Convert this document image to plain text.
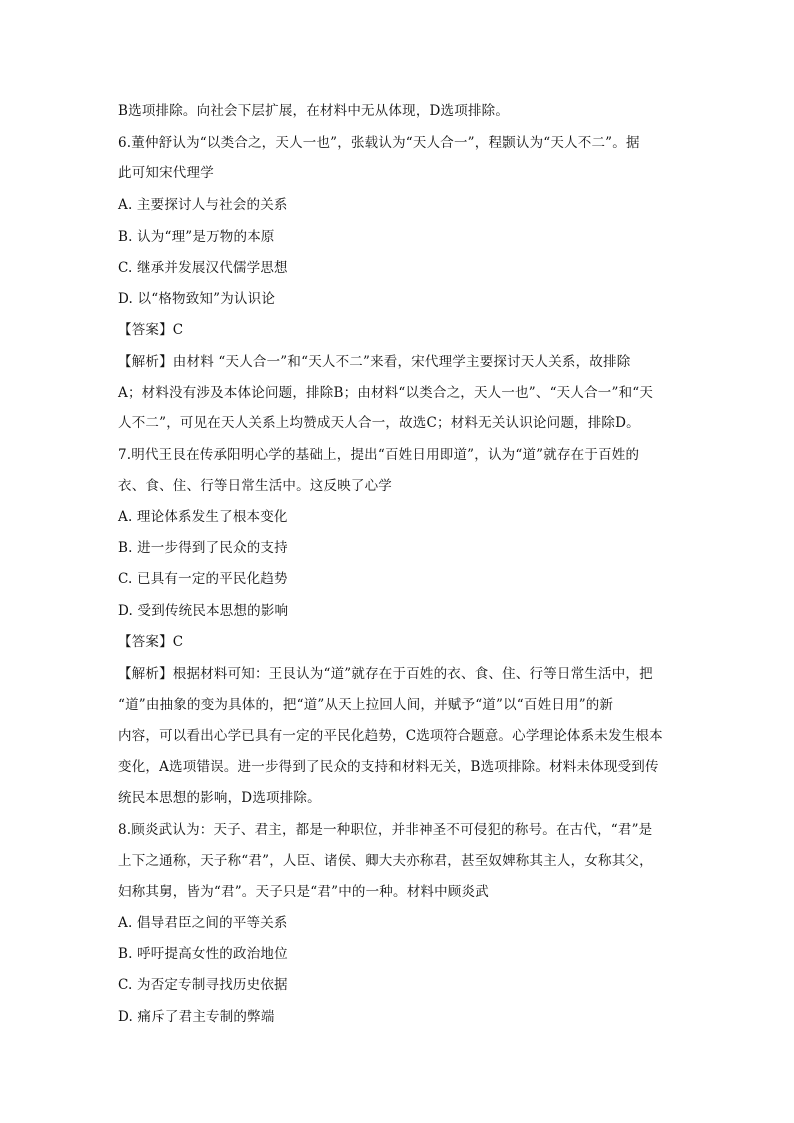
B选项排除。向社会下层扩展，在材料中无从体现，D选项排除。
6.董仲舒认为“以类合之，天人一也”，张载认为“天人合一”，程颢认为“天人不二”。据
此可知宋代理学
A. 主要探讨人与社会的关系
B. 认为“理”是万物的本原
C. 继承并发展汉代儒学思想
D. 以“格物致知”为认识论
【答案】C
【解析】由材料 “天人合一”和“天人不二”来看，宋代理学主要探讨天人关系，故排除
A；材料没有涉及本体论问题，排除B；由材料“以类合之，天人一也”、“天人合一”和“天
人不二”，可见在天人关系上均赞成天人合一，故选C；材料无关认识论问题，排除D。
7.明代王艮在传承阳明心学的基础上，提出“百姓日用即道”，认为“道”就存在于百姓的
衣、食、住、行等日常生活中。这反映了心学
A. 理论体系发生了根本变化
B. 进一步得到了民众的支持
C. 已具有一定的平民化趋势
D. 受到传统民本思想的影响
【答案】C
【解析】根据材料可知：王艮认为“道”就存在于百姓的衣、食、住、行等日常生活中，把
“道”由抽象的变为具体的，把“道”从天上拉回人间，并赋予“道”以“百姓日用”的新
内容，可以看出心学已具有一定的平民化趋势，C选项符合题意。心学理论体系未发生根本
变化，A选项错误。进一步得到了民众的支持和材料无关，B选项排除。材料未体现受到传
统民本思想的影响，D选项排除。
8.顾炎武认为：天子、君主，都是一种职位，并非神圣不可侵犯的称号。在古代，“君”是
上下之通称，天子称“君”，人臣、诸侯、卿大夫亦称君，甚至奴婢称其主人，女称其父，
妇称其舅，皆为“君”。天子只是“君”中的一种。材料中顾炎武
A. 倡导君臣之间的平等关系
B. 呼吁提高女性的政治地位
C. 为否定专制寻找历史依据
D. 痛斥了君主专制的弊端
